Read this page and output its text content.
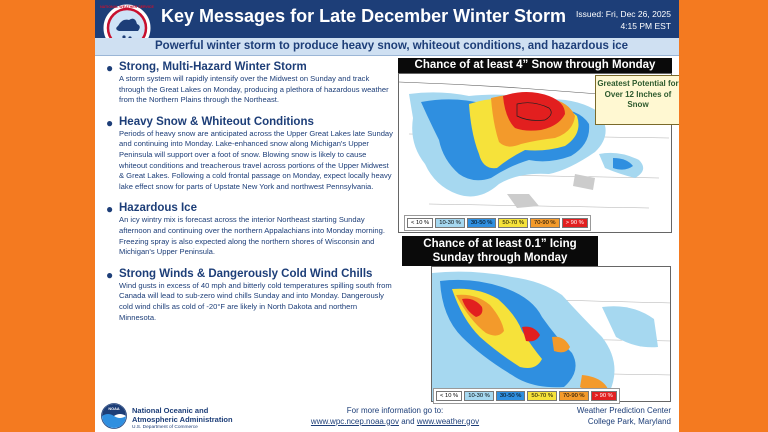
NATIONAL WEATHER SERVICE Key Messages for Late December Winter Storm Issued: Fri, Dec 26, 2025
4:15 PM EST
Powerful winter storm to produce heavy snow, whiteout conditions, and hazardous ice
● Strong, Multi-Hazard Winter Storm
A storm system will rapidly intensify over the Midwest on Sunday and track through the Great Lakes on Monday, producing a plethora of hazardous weather from the Northern Plains through the Northeast.
● Heavy Snow & Whiteout Conditions
Periods of heavy snow are anticipated across the Upper Great Lakes late Sunday and continuing into Monday. Lake-enhanced snow along Michigan's Upper Peninsula will support over a foot of snow. Blowing snow is likely to cause whiteout conditions and treacherous travel across portions of the Upper Midwest & Great Lakes. Following a cold frontal passage on Monday, expect locally heavy lake effect snow for parts of Upstate New York and northwest Pennsylvania.
● Hazardous Ice
An icy wintry mix is forecast across the interior Northeast starting Sunday afternoon and continuing over the northern Appalachians into Monday morning. Freezing spray is also expected along the northern shores of Wisconsin and Michigan's Upper Peninsula.
● Strong Winds & Dangerously Cold Wind Chills
Wind gusts in excess of 40 mph and bitterly cold temperatures spilling south from Canada will lead to sub-zero wind chills Sunday and into Monday. Dangerously cold wind chills as cold of -20°F are likely in North Dakota and northern Minnesota.
Chance of at least 4” Snow through Monday
Greatest Potential for Over 12 Inches of Snow
< 10 %	10-30 %	30-50 %	50-70 %	70-90 %	> 90 %
Chance of at least 0.1” Icing
Sunday through Monday
< 10 %	10-30 %	30-50 %	50-70 %	70-90 %	> 90 %
NOAA National Oceanic and
Atmospheric Administration
U.S. Department of Commerce
For more information go to:
www.wpc.ncep.noaa.gov and www.weather.gov
Weather Prediction Center
College Park, Maryland
